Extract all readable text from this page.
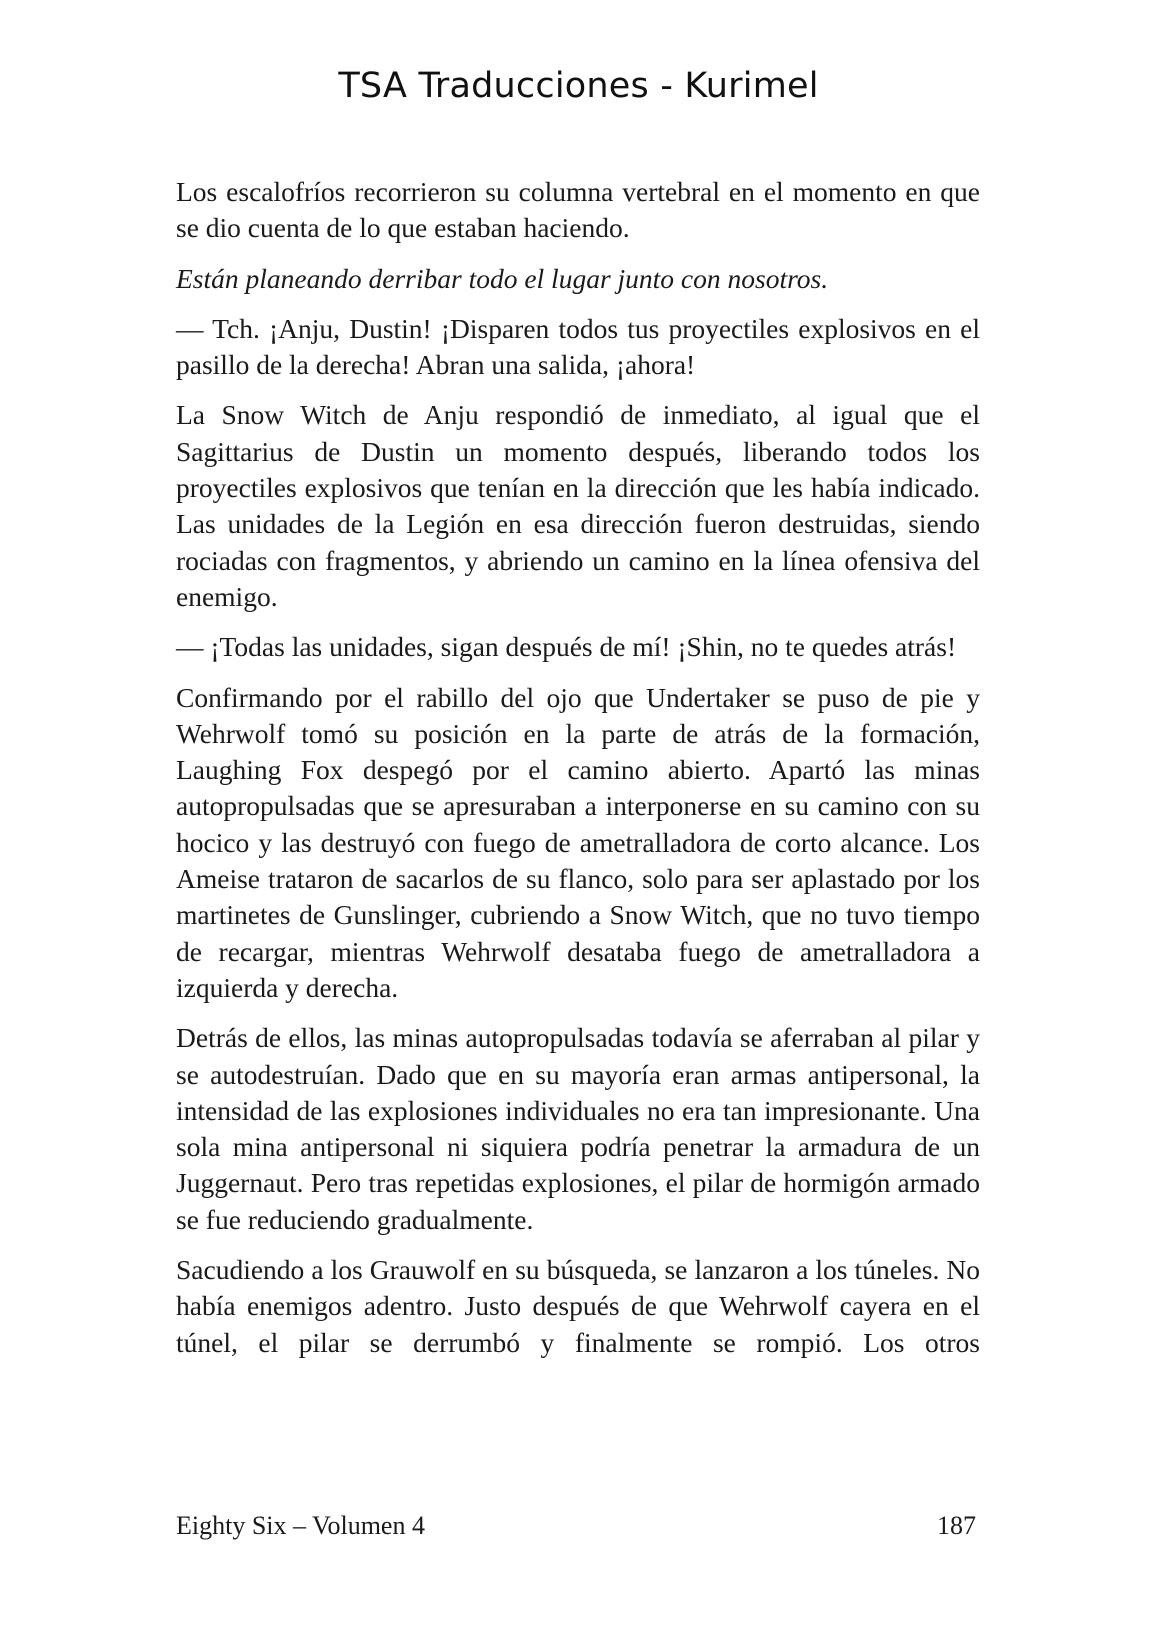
TSA Traducciones - Kurimel

Los escalofríos recorrieron su columna vertebral en el momento en que se dio cuenta de lo que estaban haciendo.

Están planeando derribar todo el lugar junto con nosotros.

— Tch. ¡Anju, Dustin! ¡Disparen todos tus proyectiles explosivos en el pasillo de la derecha! Abran una salida, ¡ahora!

La Snow Witch de Anju respondió de inmediato, al igual que el Sagittarius de Dustin un momento después, liberando todos los proyectiles explosivos que tenían en la dirección que les había indicado. Las unidades de la Legión en esa dirección fueron destruidas, siendo rociadas con fragmentos, y abriendo un camino en la línea ofensiva del enemigo.

— ¡Todas las unidades, sigan después de mí! ¡Shin, no te quedes atrás!

Confirmando por el rabillo del ojo que Undertaker se puso de pie y Wehrwolf tomó su posición en la parte de atrás de la formación, Laughing Fox despegó por el camino abierto. Apartó las minas autopropulsadas que se apresuraban a interponerse en su camino con su hocico y las destruyó con fuego de ametralladora de corto alcance. Los Ameise trataron de sacarlos de su flanco, solo para ser aplastado por los martinetes de Gunslinger, cubriendo a Snow Witch, que no tuvo tiempo de recargar, mientras Wehrwolf desataba fuego de ametralladora a izquierda y derecha.

Detrás de ellos, las minas autopropulsadas todavía se aferraban al pilar y se autodestruían. Dado que en su mayoría eran armas antipersonal, la intensidad de las explosiones individuales no era tan impresionante. Una sola mina antipersonal ni siquiera podría penetrar la armadura de un Juggernaut. Pero tras repetidas explosiones, el pilar de hormigón armado se fue reduciendo gradualmente.

Sacudiendo a los Grauwolf en su búsqueda, se lanzaron a los túneles. No había enemigos adentro. Justo después de que Wehrwolf cayera en el túnel, el pilar se derrumbó y finalmente se rompió. Los otros

Eighty Six – Volumen 4	187
